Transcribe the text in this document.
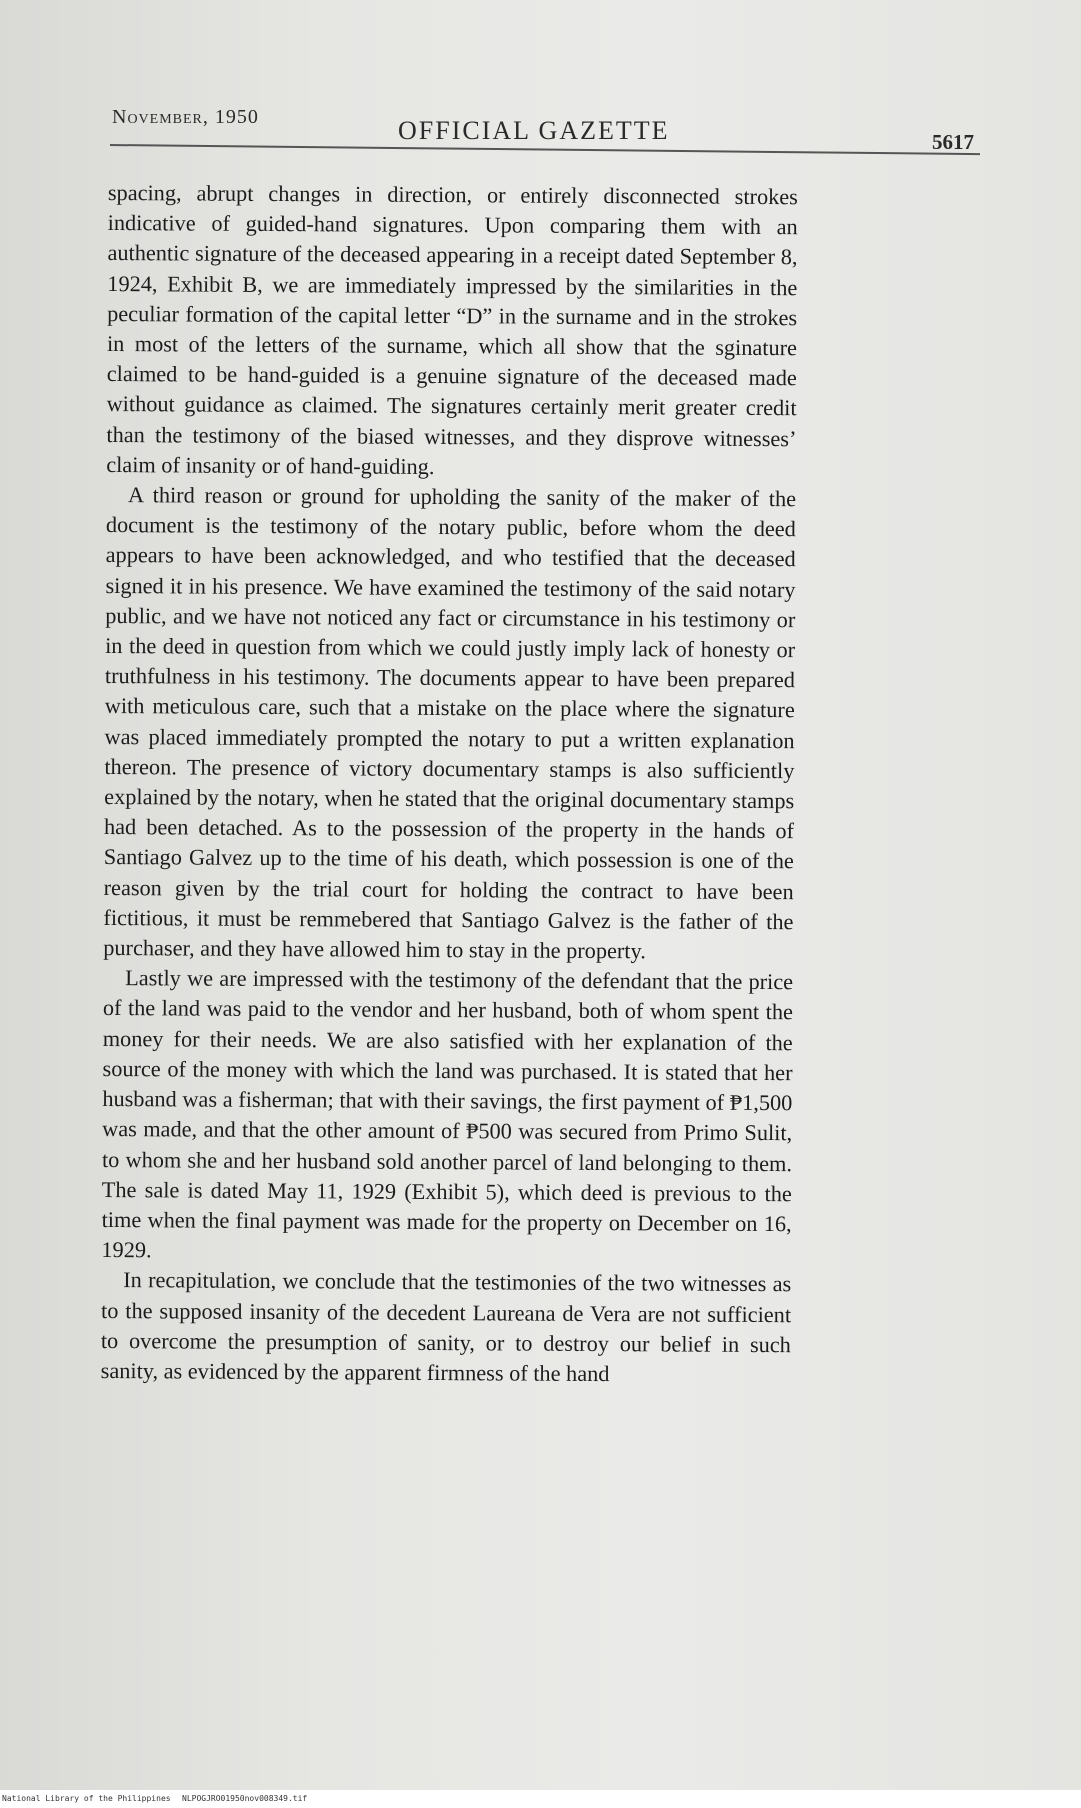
November, 1950	OFFICIAL GAZETTE	5617

spacing, abrupt changes in direction, or entirely disconnected strokes indicative of guided-hand signatures. Upon comparing them with an authentic signature of the deceased appearing in a receipt dated September 8, 1924, Exhibit B, we are immediately impressed by the similarities in the peculiar formation of the capital letter “D” in the surname and in the strokes in most of the letters of the surname, which all show that the sginature claimed to be hand-guided is a genuine signature of the deceased made without guidance as claimed. The signatures certainly merit greater credit than the testimony of the biased witnesses, and they disprove witnesses’ claim of insanity or of hand-guiding.

A third reason or ground for upholding the sanity of the maker of the document is the testimony of the notary public, before whom the deed appears to have been acknowledged, and who testified that the deceased signed it in his presence. We have examined the testimony of the said notary public, and we have not noticed any fact or circumstance in his testimony or in the deed in question from which we could justly imply lack of honesty or truthfulness in his testimony. The documents appear to have been prepared with meticulous care, such that a mistake on the place where the signature was placed immediately prompted the notary to put a written explanation thereon. The presence of victory documentary stamps is also sufficiently explained by the notary, when he stated that the original documentary stamps had been detached. As to the possession of the property in the hands of Santiago Galvez up to the time of his death, which possession is one of the reason given by the trial court for holding the contract to have been fictitious, it must be remmebered that Santiago Galvez is the father of the purchaser, and they have allowed him to stay in the property.

Lastly we are impressed with the testimony of the defendant that the price of the land was paid to the vendor and her husband, both of whom spent the money for their needs. We are also satisfied with her explanation of the source of the money with which the land was purchased. It is stated that her husband was a fisherman; that with their savings, the first payment of ₱1,500 was made, and that the other amount of ₱500 was secured from Primo Sulit, to whom she and her husband sold another parcel of land belonging to them. The sale is dated May 11, 1929 (Exhibit 5), which deed is previous to the time when the final payment was made for the property on December on 16, 1929.

In recapitulation, we conclude that the testimonies of the two witnesses as to the supposed insanity of the decedent Laureana de Vera are not sufficient to overcome the presumption of sanity, or to destroy our belief in such sanity, as evidenced by the apparent firmness of the hand

National Library of the Philippines NLPOGJRO01950nov008349.tif
